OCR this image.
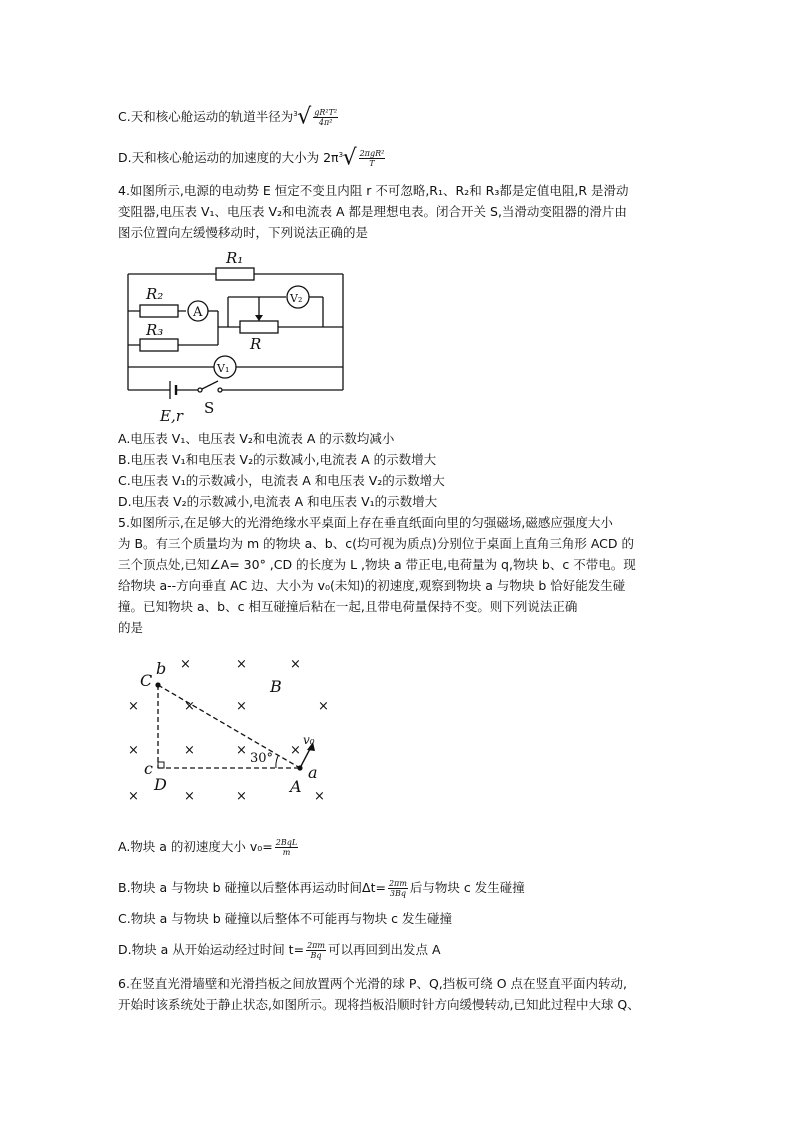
C.天和核心舱运动的轨道半径为 3 √ $\frac{\text{gR²T²}}{\text{4π²}}$
D.天和核心舱运动的加速度的大小为 2π 3 √ $\frac{\text{2πgR²}}{T}$
4.如图所示,电源的电动势 E 恒定不变且内阻 r 不可忽略,R₁、R₂和 R₃都是定值电阻,R 是滑动
变阻器,电压表 V₁、电压表 V₂和电流表 A 都是理想电表。闭合开关 S,当滑动变阻器的滑片由
图示位置向左缓慢移动时，下列说法正确的是
R₁
R₂
R₃
R
A
V₂
V₁
E,r S
A.电压表 V₁、电压表 V₂和电流表 A 的示数均减小
B.电压表 V₁和电压表 V₂的示数减小,电流表 A 的示数增大
C.电压表 V₁的示数减小，电流表 A 和电压表 V₂的示数增大
D.电压表 V₂的示数减小,电流表 A 和电压表 V₁的示数增大
5.如图所示,在足够大的光滑绝缘水平桌面上存在垂直纸面向里的匀强磁场,磁感应强度大小
为 B。有三个质量均为 m 的物块 a、b、c(均可视为质点)分别位于桌面上直角三角形 ACD 的
三个顶点处,已知∠A= 30° ,CD 的长度为 L ,物块 a 带正电,电荷量为 q,物块 b、c 不带电。现
给物块 a--方向垂直 AC 边、大小为 v₀(未知)的初速度,观察到物块 a 与物块 b 恰好能发生碰
撞。已知物块 a、b、c 相互碰撞后粘在一起,且带电荷量保持不变。则下列说法正确
的是
×	×	×
×	×	×	×
×	×	×	×
×	×	×	×
C
b
B
c
D	A
a
v₀
30°
A.物块 a 的初速度大小 $v_0= \frac{\text{2BqL}}{m}$
B.物块 a 与物块 b 碰撞以后整体再运动时间$\Delta t= \frac{2\pi m}{3Bq}$ 后与物块 c 发生碰撞
C.物块 a 与物块 b 碰撞以后整体不可能再与物块 c 发生碰撞
D.物块 a 从开始运动经过时间 $t= \frac{2\pi m}{Bq}$ 可以再回到出发点 A
6.在竖直光滑墙壁和光滑挡板之间放置两个光滑的球 P、Q,挡板可绕 O 点在竖直平面内转动,
开始时该系统处于静止状态,如图所示。现将挡板沿顺时针方向缓慢转动,已知此过程中大球 Q、
